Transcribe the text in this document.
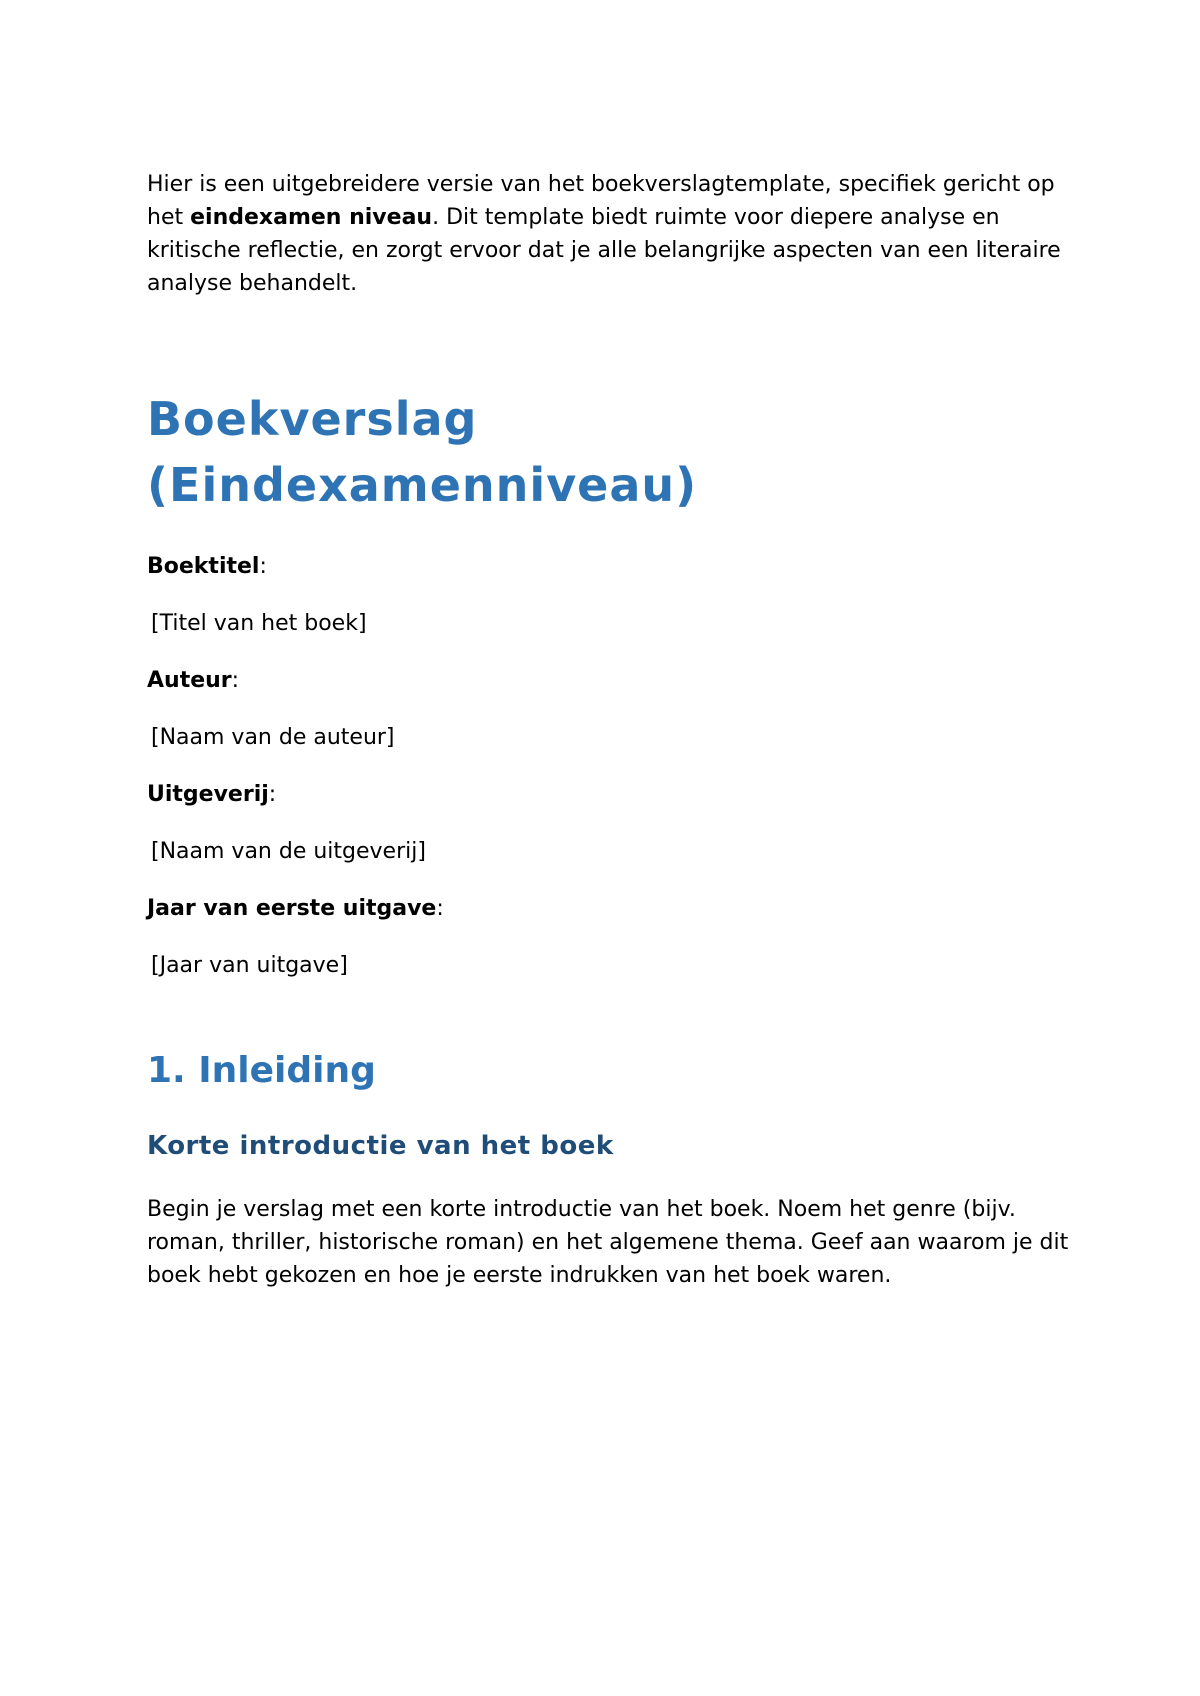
Hier is een uitgebreidere versie van het boekverslagtemplate, specifiek gericht op het eindexamen niveau. Dit template biedt ruimte voor diepere analyse en kritische reflectie, en zorgt ervoor dat je alle belangrijke aspecten van een literaire analyse behandelt.

Boekverslag
(Eindexamenniveau)

Boektitel:

[Titel van het boek]

Auteur:

[Naam van de auteur]

Uitgeverij:

[Naam van de uitgeverij]

Jaar van eerste uitgave:

[Jaar van uitgave]

1. Inleiding
Korte introductie van het boek

Begin je verslag met een korte introductie van het boek. Noem het genre (bijv. roman, thriller, historische roman) en het algemene thema. Geef aan waarom je dit boek hebt gekozen en hoe je eerste indrukken van het boek waren.
